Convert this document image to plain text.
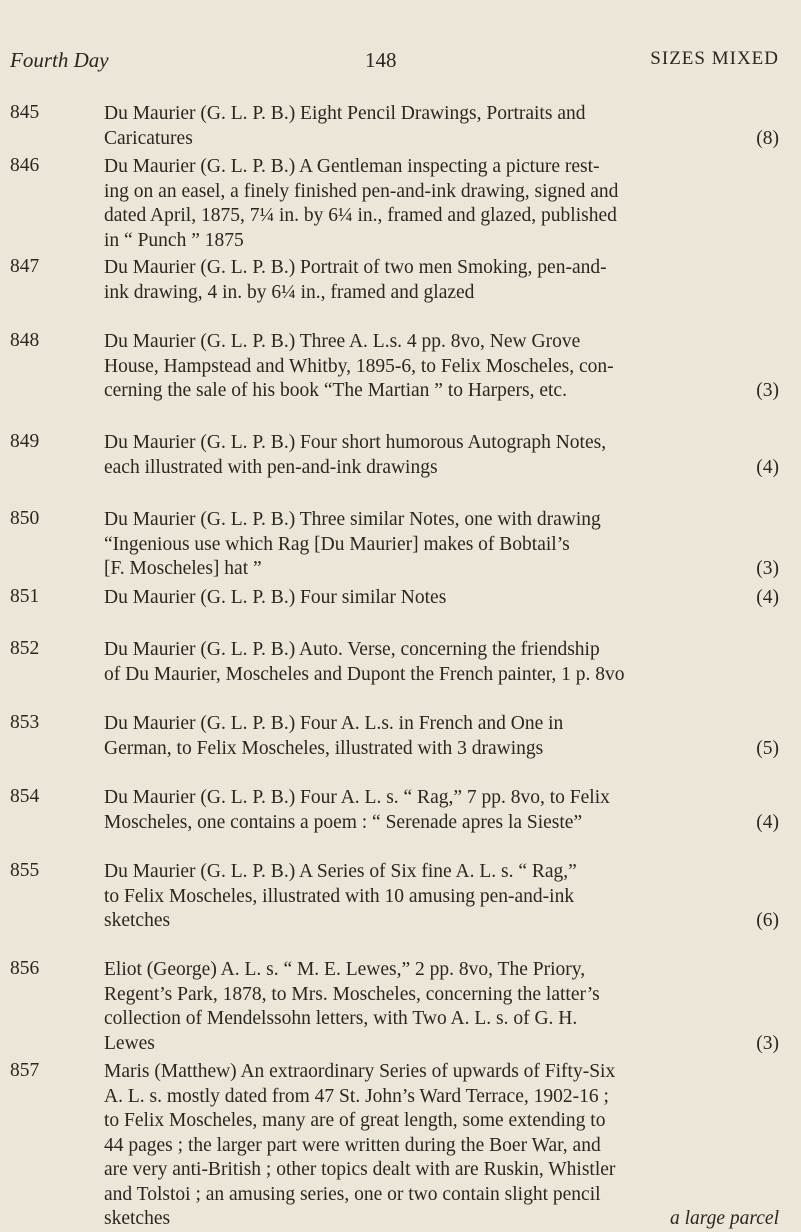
Fourth Day	148	SIZES MIXED
845	Du Maurier (G. L. P. B.) Eight Pencil Drawings, Portraits and
Caricatures	(8)
846	Du Maurier (G. L. P. B.) A Gentleman inspecting a picture rest-
ing on an easel, a finely finished pen-and-ink drawing, signed and
dated April, 1875, 7¼ in. by 6¼ in., framed and glazed, published
in “ Punch ” 1875
847	Du Maurier (G. L. P. B.) Portrait of two men Smoking, pen-and-
ink drawing, 4 in. by 6¼ in., framed and glazed
848	Du Maurier (G. L. P. B.) Three A. L.s. 4 pp. 8vo, New Grove
House, Hampstead and Whitby, 1895-6, to Felix Moscheles, con-
cerning the sale of his book “The Martian ” to Harpers, etc.	(3)
849	Du Maurier (G. L. P. B.) Four short humorous Autograph Notes,
each illustrated with pen-and-ink drawings	(4)
850	Du Maurier (G. L. P. B.) Three similar Notes, one with drawing
“Ingenious use which Rag [Du Maurier] makes of Bobtail’s
[F. Moscheles] hat ”	(3)
851	Du Maurier (G. L. P. B.) Four similar Notes	(4)
852	Du Maurier (G. L. P. B.) Auto. Verse, concerning the friendship
of Du Maurier, Moscheles and Dupont the French painter, 1 p. 8vo
853	Du Maurier (G. L. P. B.) Four A. L.s. in French and One in
German, to Felix Moscheles, illustrated with 3 drawings	(5)
854	Du Maurier (G. L. P. B.) Four A. L. s. “ Rag,” 7 pp. 8vo, to Felix
Moscheles, one contains a poem : “ Serenade apres la Sieste”	(4)
855	Du Maurier (G. L. P. B.) A Series of Six fine A. L. s. “ Rag,”
to Felix Moscheles, illustrated with 10 amusing pen-and-ink
sketches	(6)
856	Eliot (George) A. L. s. “ M. E. Lewes,” 2 pp. 8vo, The Priory,
Regent’s Park, 1878, to Mrs. Moscheles, concerning the latter’s
collection of Mendelssohn letters, with Two A. L. s. of G. H.
Lewes	(3)
857	Maris (Matthew) An extraordinary Series of upwards of Fifty-Six
A. L. s. mostly dated from 47 St. John’s Ward Terrace, 1902-16 ;
to Felix Moscheles, many are of great length, some extending to
44 pages ; the larger part were written during the Boer War, and
are very anti-British ; other topics dealt with are Ruskin, Whistler
and Tolstoi ; an amusing series, one or two contain slight pencil
sketches	a large parcel
